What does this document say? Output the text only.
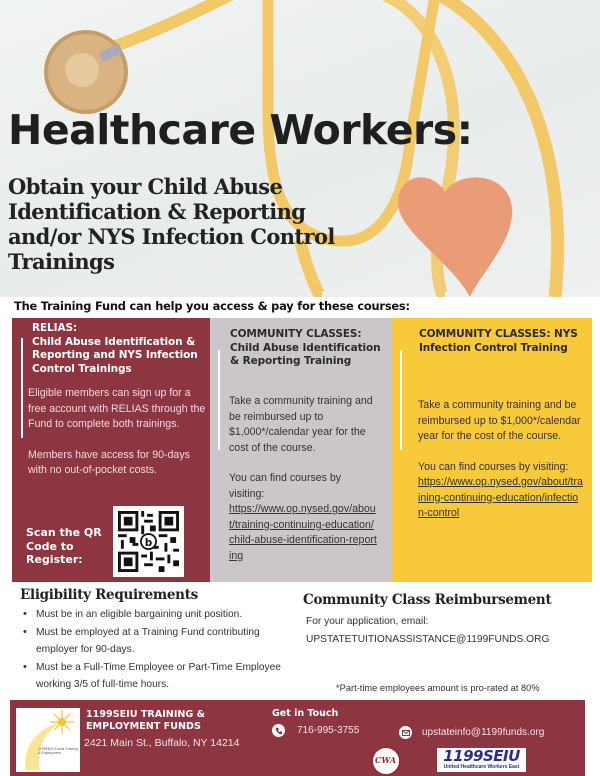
Healthcare Workers:
Obtain your Child Abuse Identification & Reporting and/or NYS Infection Control Trainings
The Training Fund can help you access & pay for these courses:
RELIAS:
Child Abuse Identification & Reporting and NYS Infection Control Trainings

Eligible members can sign up for a free account with RELIAS through the Fund to complete both trainings.

Members have access for 90-days with no out-of-pocket costs.

Scan the QR Code to Register:
b
COMMUNITY CLASSES: Child Abuse Identification & Reporting Training

Take a community training and be reimbursed up to $1,000*/calendar year for the cost of the course.

You can find courses by visiting:

https://www.op.nysed.gov/about/training-continuing-education/child-abuse-identification-reporting
COMMUNITY CLASSES: NYS Infection Control Training

Take a community training and be reimbursed up to $1,000*/calendar year for the cost of the course.

You can find courses by visiting:

https://www.op.nysed.gov/about/training-continuing-education/infection-control
Eligibility Requirements
• Must be in an eligible bargaining unit position.
• Must be employed at a Training Fund contributing employer for 90-days.
• Must be a Full-Time Employee or Part-Time Employee working 3/5 of full-time hours.
Community Class Reimbursement
For your application, email:
UPSTATETUITIONASSISTANCE@1199FUNDS.ORG
*Part-time employees amount is pro-rated at 80%
1199SEIU Funds Training & Employment
1199SEIU TRAINING & EMPLOYMENT FUNDS
2421 Main St., Buffalo, NY 14214
Get in Touch
716-995-3755	upstateinfo@1199funds.org
CWA	1199SEIU
United Healthcare Workers East
